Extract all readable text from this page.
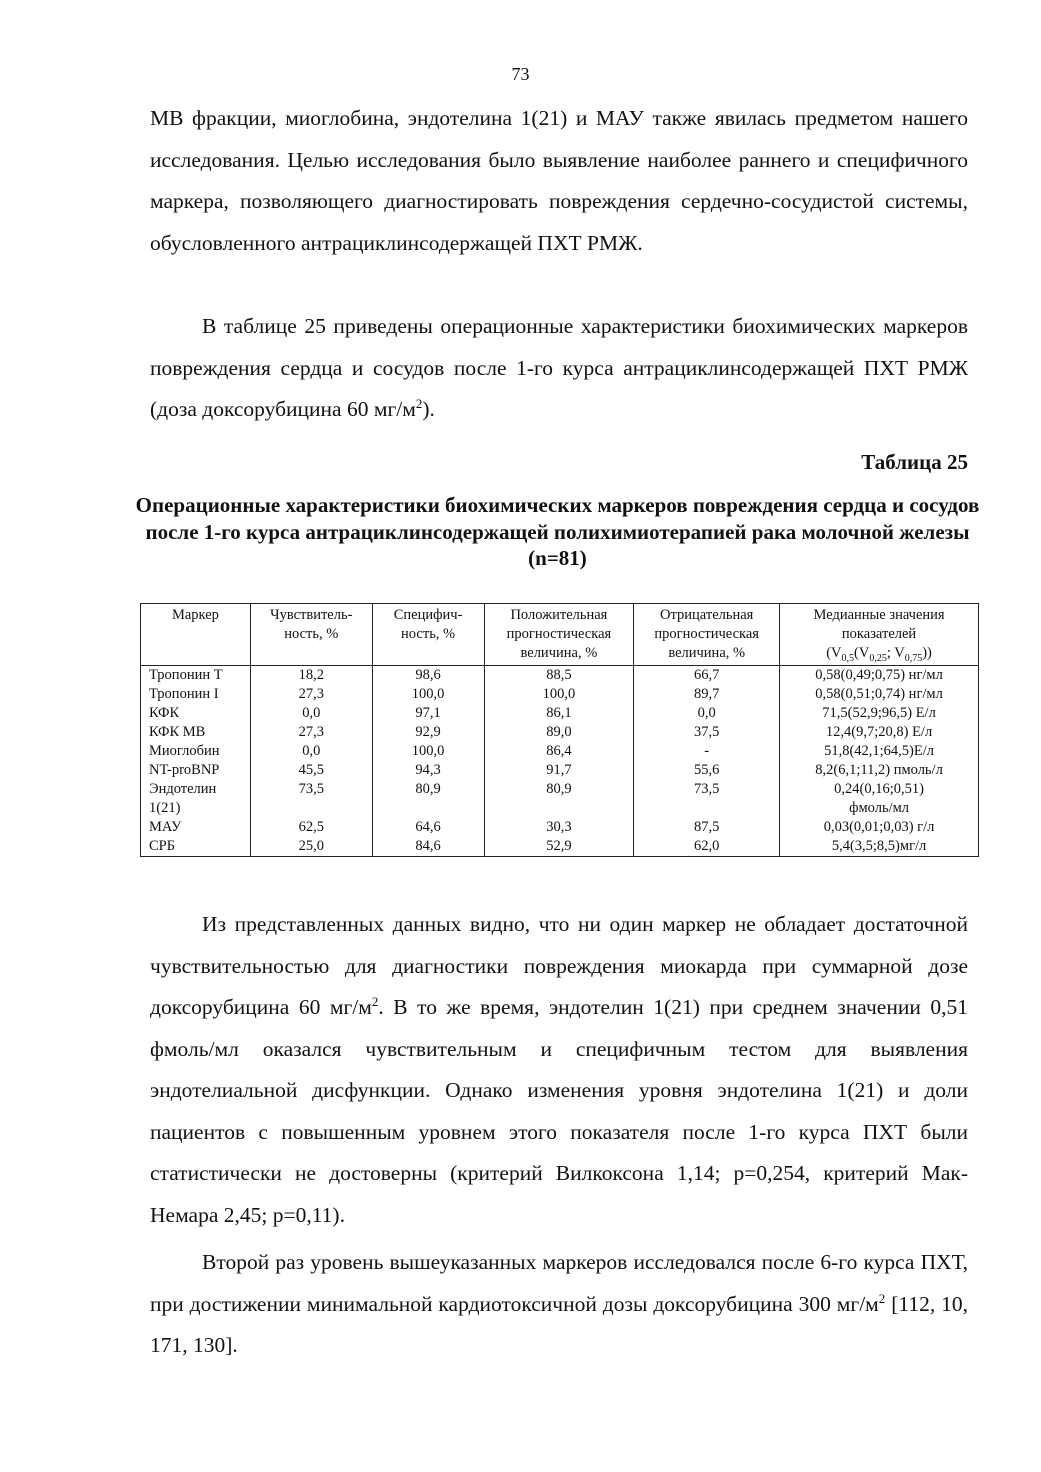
73

МВ фракции, миоглобина, эндотелина 1(21) и МАУ также явилась предметом нашего исследования. Целью исследования было выявление наиболее раннего и специфичного маркера, позволяющего диагностировать повреждения сердечно-сосудистой системы, обусловленного антрациклинсодержащей ПХТ РМЖ.

В таблице 25 приведены операционные характеристики биохимических маркеров повреждения сердца и сосудов после 1-го курса антрациклинсодержащей ПХТ РМЖ (доза доксорубицина 60 $мг/м^2$).

Таблица 25

Операционные характеристики биохимических маркеров повреждения сердца и сосудов после 1-го курса антрациклинсодержащей полихимиотерапией рака молочной железы (n=81)

Маркер	Чувствитель-ность, %	Специфич-ность, %	Положительная прогностическая величина, %	Отрицательная прогностическая величина, %	Медианные значения показателей
($V_{0,5}(V_{0,25}$; $V_{0,75}$))
Тропонин Т	18,2	98,6	88,5	66,7	0,58(0,49;0,75) нг/мл
Тропонин I	27,3	100,0	100,0	89,7	0,58(0,51;0,74) нг/мл
КФК	0,0	97,1	86,1	0,0	71,5(52,9;96,5) Е/л
КФК МВ	27,3	92,9	89,0	37,5	12,4(9,7;20,8) Е/л
Миоглобин	0,0	100,0	86,4	-	51,8(42,1;64,5)Е/л
NT-proBNP	45,5	94,3	91,7	55,6	8,2(6,1;11,2) пмоль/л
Эндотелин 1(21)	73,5	80,9	80,9	73,5	0,24(0,16;0,51) фмоль/мл
МАУ	62,5	64,6	30,3	87,5	0,03(0,01;0,03) г/л
СРБ	25,0	84,6	52,9	62,0	5,4(3,5;8,5)мг/л

Из представленных данных видно, что ни один маркер не обладает достаточной чувствительностью для диагностики повреждения миокарда при суммарной дозе доксорубицина 60 $мг/м^2$. В то же время, эндотелин 1(21) при среднем значении 0,51 фмоль/мл оказался чувствительным и специфичным тестом для выявления эндотелиальной дисфункции. Однако изменения уровня эндотелина 1(21) и доли пациентов с повышенным уровнем этого показателя после 1-го курса ПХТ были статистически не достоверны (критерий Вилкоксона 1,14; р=0,254, критерий Мак-Немара 2,45; р=0,11).

Второй раз уровень вышеуказанных маркеров исследовался после 6-го курса ПХТ, при достижении минимальной кардиотоксичной дозы доксорубицина 300 $мг/м^2$ [112, 10, 171, 130].
